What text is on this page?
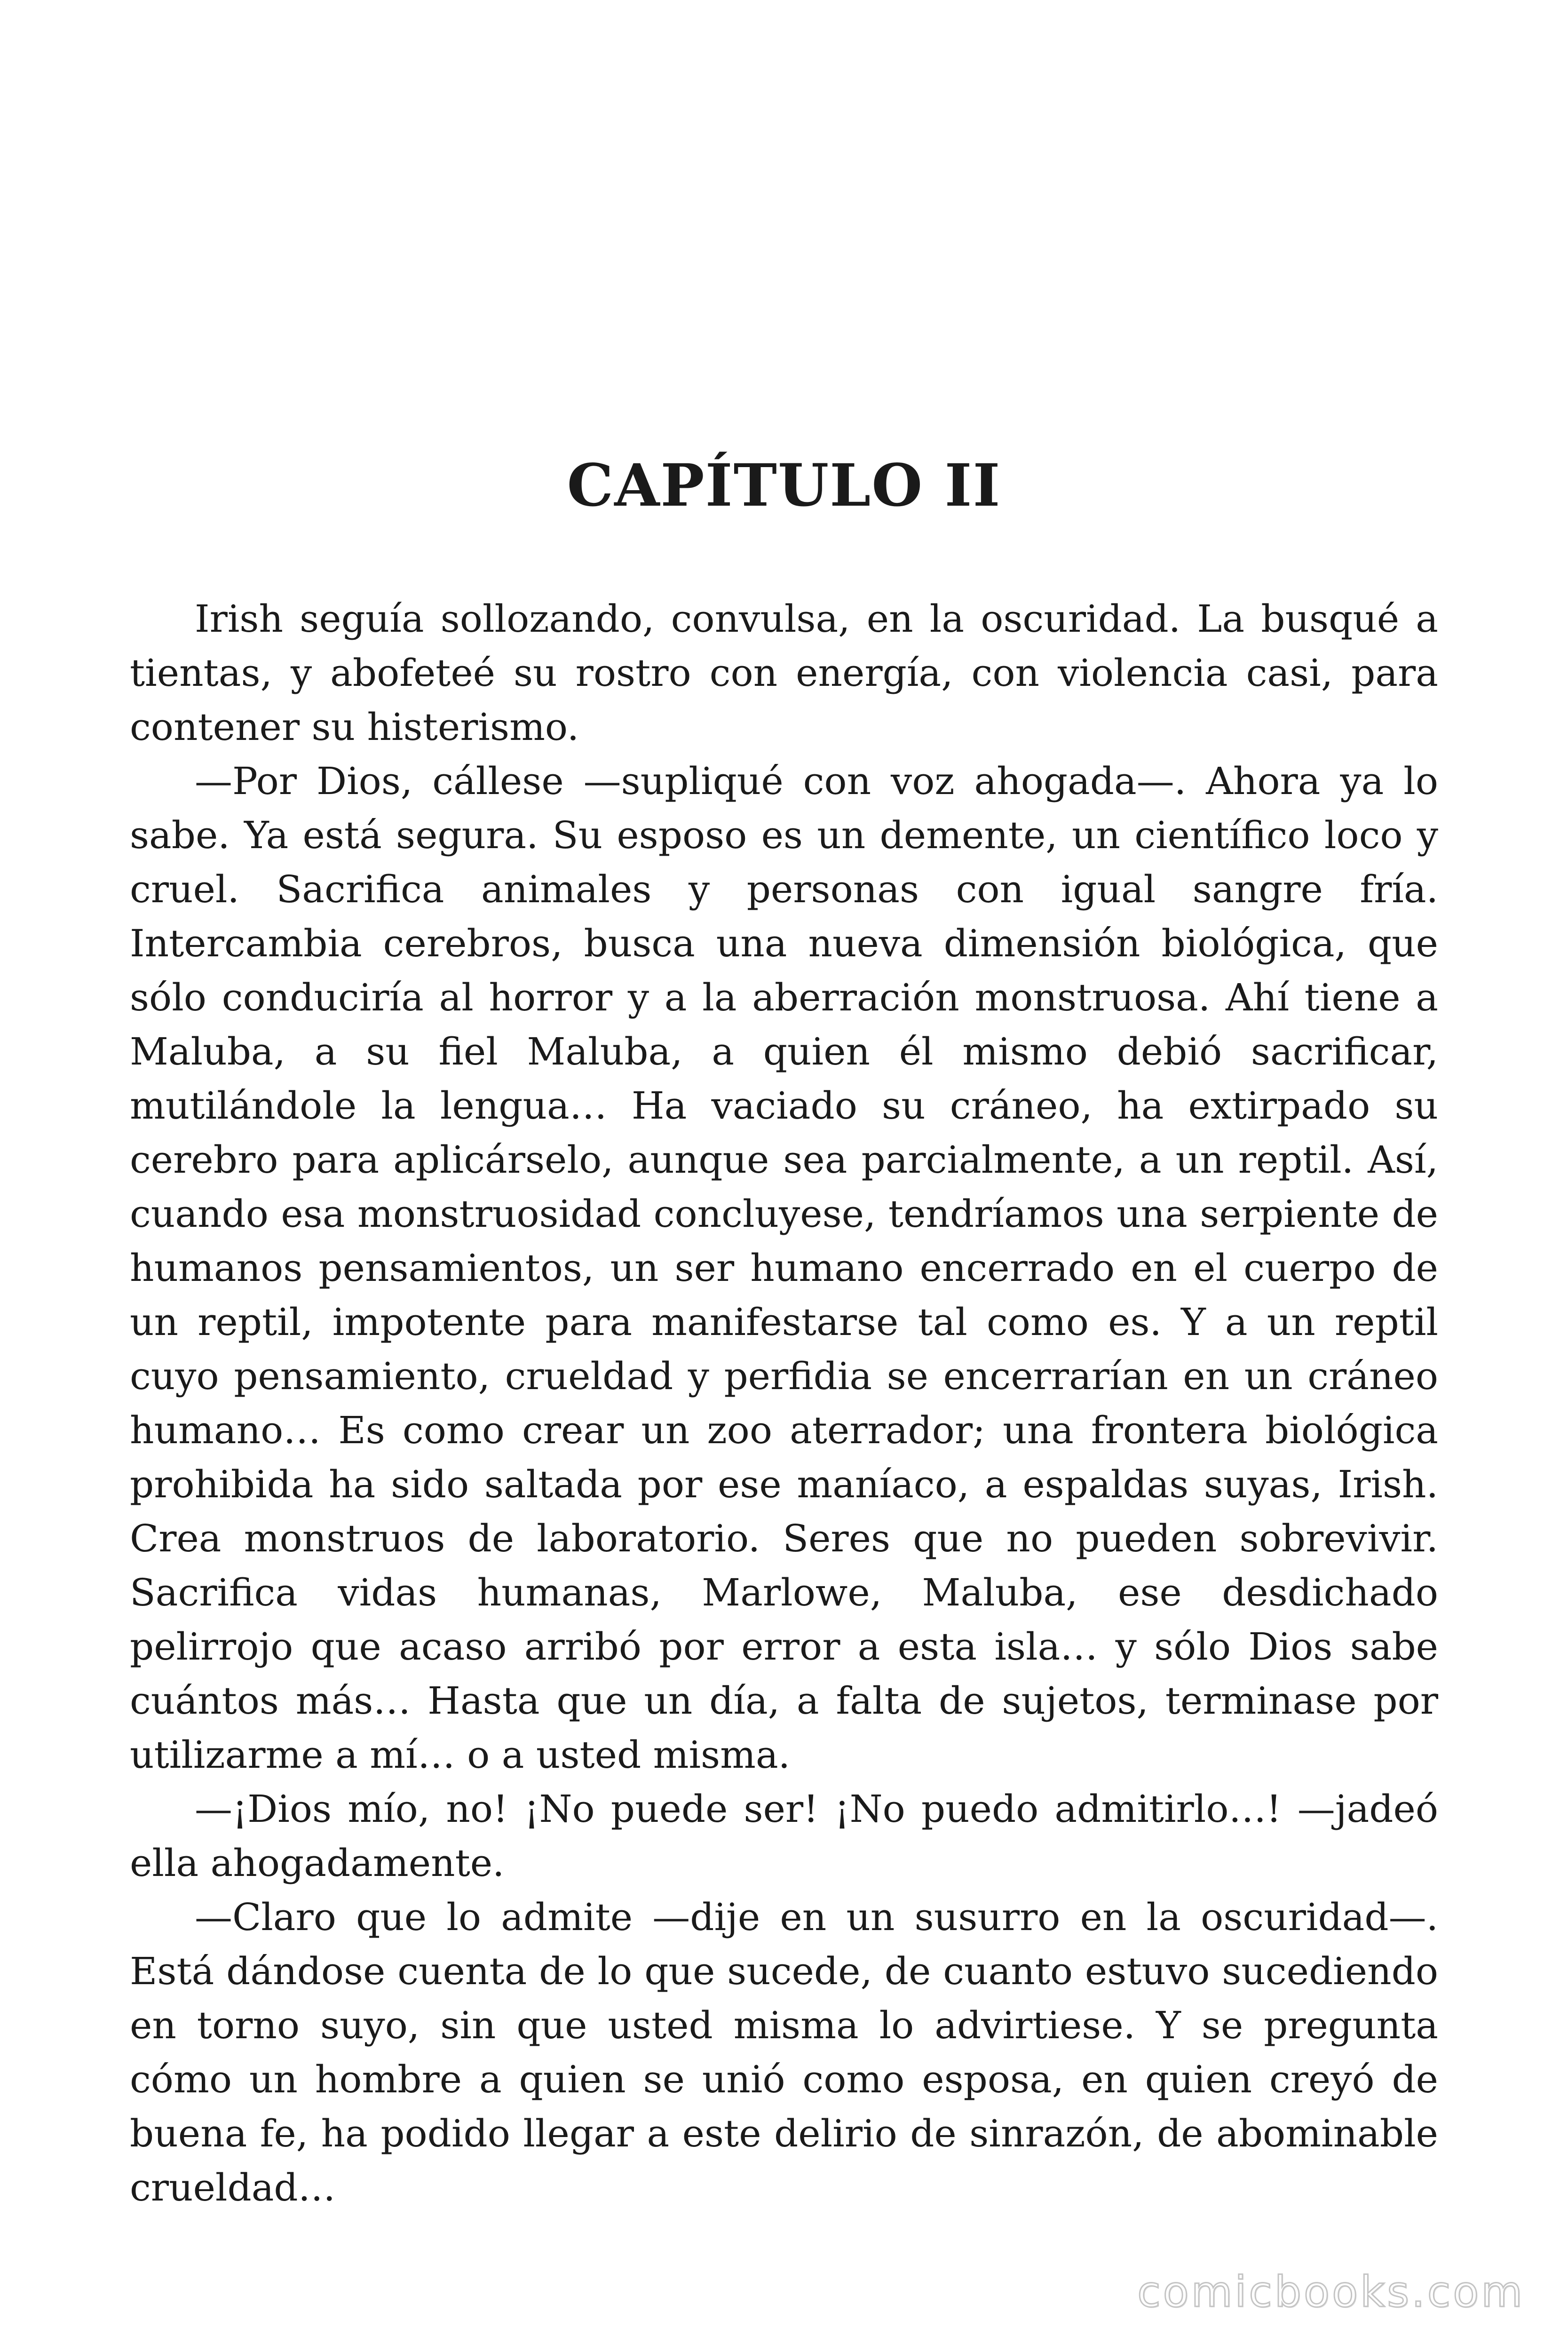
CAPÍTULO II

Irish seguía sollozando, convulsa, en la oscuridad. La busqué a tientas, y abofeteé su rostro con energía, con violencia casi, para contener su histerismo.

—Por Dios, cállese —supliqué con voz ahogada—. Ahora ya lo sabe. Ya está segura. Su esposo es un demente, un científico loco y cruel. Sacrifica animales y personas con igual sangre fría. Intercambia cerebros, busca una nueva dimensión biológica, que sólo conduciría al horror y a la aberración monstruosa. Ahí tiene a Maluba, a su fiel Maluba, a quien él mismo debió sacrificar, mutilándole la lengua… Ha vaciado su cráneo, ha extirpado su cerebro para aplicárselo, aunque sea parcialmente, a un reptil. Así, cuando esa monstruosidad concluyese, tendríamos una serpiente de humanos pensamientos, un ser humano encerrado en el cuerpo de un reptil, impotente para manifestarse tal como es. Y a un reptil cuyo pensamiento, crueldad y perfidia se encerrarían en un cráneo humano… Es como crear un zoo aterrador; una frontera biológica prohibida ha sido saltada por ese maníaco, a espaldas suyas, Irish. Crea monstruos de laboratorio. Seres que no pueden sobrevivir. Sacrifica vidas humanas, Marlowe, Maluba, ese desdichado pelirrojo que acaso arribó por error a esta isla… y sólo Dios sabe cuántos más… Hasta que un día, a falta de sujetos, terminase por utilizarme a mí… o a usted misma.

—¡Dios mío, no! ¡No puede ser! ¡No puedo admitirlo…! —jadeó ella ahogadamente.

—Claro que lo admite —dije en un susurro en la oscuridad—. Está dándose cuenta de lo que sucede, de cuanto estuvo sucediendo en torno suyo, sin que usted misma lo advirtiese. Y se pregunta cómo un hombre a quien se unió como esposa, en quien creyó de buena fe, ha podido llegar a este delirio de sinrazón, de abominable crueldad…

comicbooks.com
